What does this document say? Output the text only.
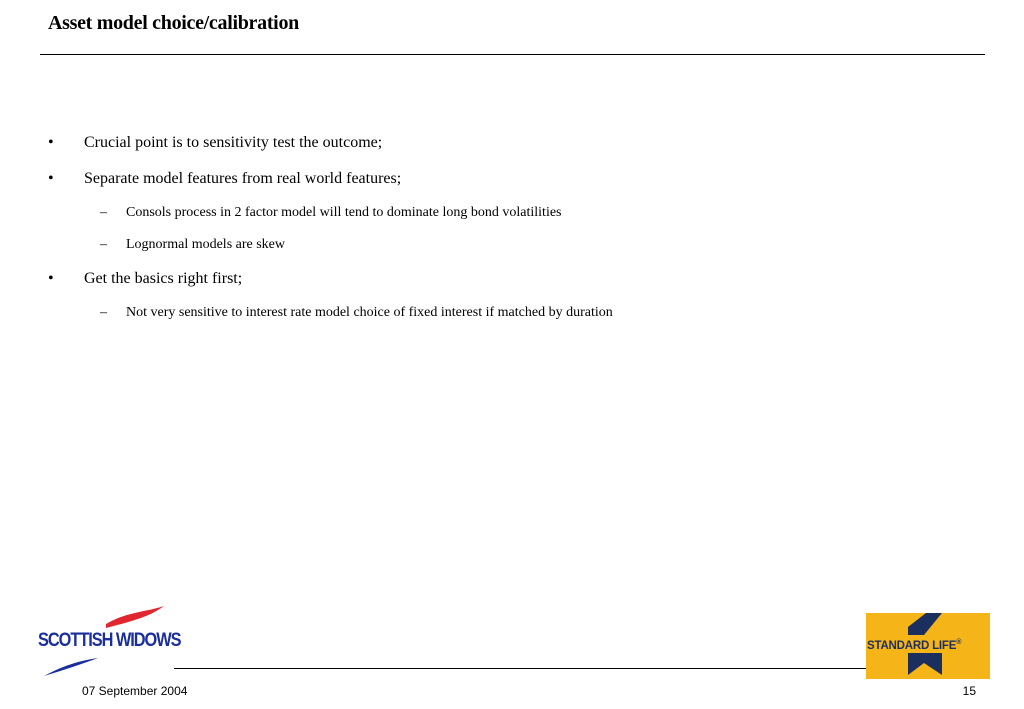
Asset model choice/calibration
• Crucial point is to sensitivity test the outcome;
• Separate model features from real world features;
– Consols process in 2 factor model will tend to dominate long bond volatilities
– Lognormal models are skew
• Get the basics right first;
– Not very sensitive to interest rate model choice of fixed interest if matched by duration
SCOTTISH WIDOWS
07 September 2004	15
STANDARD LIFE®
